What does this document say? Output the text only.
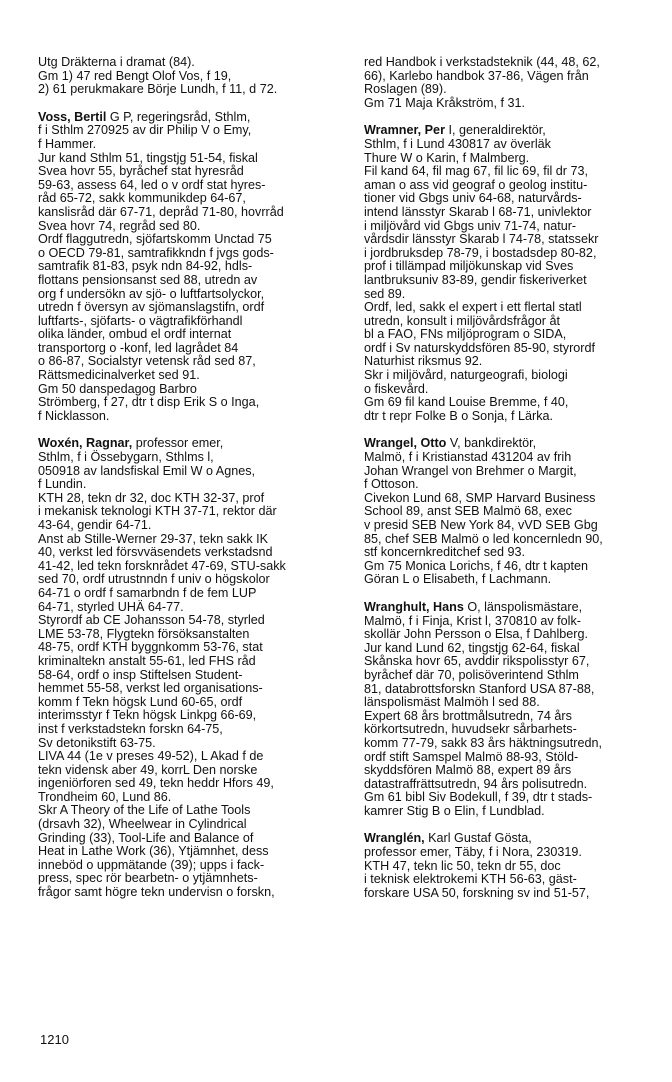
Utg Dräkterna i dramat (84).
Gm 1) 47 red Bengt Olof Vos, f 19,
2) 61 perukmakare Börje Lundh, f 11, d 72.
Voss, Bertil G P, regeringsråd, Sthlm,
f i Sthlm 270925 av dir Philip V o Emy,
f Hammer.
Jur kand Sthlm 51, tingstjg 51-54, fiskal
Svea hovr 55, byråchef stat hyresråd
59-63, assess 64, led o v ordf stat hyres-
råd 65-72, sakk kommunikdep 64-67,
kanslisråd där 67-71, depråd 71-80, hovrråd
Svea hovr 74, regråd sed 80.
Ordf flaggutredn, sjöfartskomm Unctad 75
o OECD 79-81, samtrafikkndn f jvgs gods-
samtrafik 81-83, psyk ndn 84-92, hdls-
flottans pensionsanst sed 88, utredn av
org f undersökn av sjö- o luftfartsolyckor,
utredn f översyn av sjömanslagstifn, ordf
luftfarts-, sjöfarts- o vägtrafikförhandl
olika länder, ombud el ordf internat
transportorg o -konf, led lagrådet 84
o 86-87, Socialstyr vetensk råd sed 87,
Rättsmedicinalverket sed 91.
Gm 50 danspedagog Barbro
Strömberg, f 27, dtr t disp Erik S o Inga,
f Nicklasson.
Woxén, Ragnar, professor emer,
Sthlm, f i Össebygarn, Sthlms l,
050918 av landsfiskal Emil W o Agnes,
f Lundin.
KTH 28, tekn dr 32, doc KTH 32-37, prof
i mekanisk teknologi KTH 37-71, rektor där
43-64, gendir 64-71.
Anst ab Stille-Werner 29-37, tekn sakk IK
40, verkst led försvväsendets verkstadsnd
41-42, led tekn forsknrådet 47-69, STU-sakk
sed 70, ordf utrustnndn f univ o högskolor
64-71 o ordf f samarbndn f de fem LUP
64-71, styrled UHÄ 64-77.
Styrordf ab CE Johansson 54-78, styrled
LME 53-78, Flygtekn försöksanstalten
48-75, ordf KTH byggnkomm 53-76, stat
kriminaltekn anstalt 55-61, led FHS råd
58-64, ordf o insp Stiftelsen Student-
hemmet 55-58, verkst led organisations-
komm f Tekn högsk Lund 60-65, ordf
interimsstyr f Tekn högsk Linkpg 66-69,
inst f verkstadstekn forskn 64-75,
Sv detonikstift 63-75.
LIVA 44 (1e v preses 49-52), L Akad f de
tekn vidensk aber 49, korrL Den norske
ingeniörforen sed 49, tekn heddr Hfors 49,
Trondheim 60, Lund 86.
Skr A Theory of the Life of Lathe Tools
(drsavh 32), Wheelwear in Cylindrical
Grinding (33), Tool-Life and Balance of
Heat in Lathe Work (36), Ytjämnhet, dess
inneböd o uppmätande (39); upps i fack-
press, spec rör bearbetn- o ytjämnhets-
frågor samt högre tekn undervisn o forskn,
red Handbok i verkstadsteknik (44, 48, 62,
66), Karlebo handbok 37-86, Vägen från
Roslagen (89).
Gm 71 Maja Kråkström, f 31.
Wramner, Per I, generaldirektör,
Sthlm, f i Lund 430817 av överläk
Thure W o Karin, f Malmberg.
Fil kand 64, fil mag 67, fil lic 69, fil dr 73,
aman o ass vid geograf o geolog institu-
tioner vid Gbgs univ 64-68, naturvårds-
intend länsstyr Skarab l 68-71, univlektor
i miljövård vid Gbgs univ 71-74, natur-
vårdsdir länsstyr Skarab l 74-78, statssekr
i jordbruksdep 78-79, i bostadsdep 80-82,
prof i tillämpad miljökunskap vid Sves
lantbruksuniv 83-89, gendir fiskeriverket
sed 89.
Ordf, led, sakk el expert i ett flertal statl
utredn, konsult i miljövårdsfrågor åt
bl a FAO, FNs miljöprogram o SIDA,
ordf i Sv naturskyddsfören 85-90, styrordf
Naturhist riksmus 92.
Skr i miljövård, naturgeografi, biologi
o fiskevård.
Gm 69 fil kand Louise Bremme, f 40,
dtr t repr Folke B o Sonja, f Lärka.
Wrangel, Otto V, bankdirektör,
Malmö, f i Kristianstad 431204 av frih
Johan Wrangel von Brehmer o Margit,
f Ottoson.
Civekon Lund 68, SMP Harvard Business
School 89, anst SEB Malmö 68, exec
v presid SEB New York 84, vVD SEB Gbg
85, chef SEB Malmö o led koncernledn 90,
stf koncernkreditchef sed 93.
Gm 75 Monica Lorichs, f 46, dtr t kapten
Göran L o Elisabeth, f Lachmann.
Wranghult, Hans O, länspolismästare,
Malmö, f i Finja, Krist l, 370810 av folk-
skollär John Persson o Elsa, f Dahlberg.
Jur kand Lund 62, tingstjg 62-64, fiskal
Skånska hovr 65, avddir rikspolisstyr 67,
byråchef där 70, polisöverintend Sthlm
81, databrottsforskn Stanford USA 87-88,
länspolismäst Malmöh l sed 88.
Expert 68 års brottmålsutredn, 74 års
körkortsutredn, huvudsekr sårbarhets-
komm 77-79, sakk 83 års häktningsutredn,
ordf stift Samspel Malmö 88-93, Stöld-
skyddsfören Malmö 88, expert 89 års
datastraffrättsutredn, 94 års polisutredn.
Gm 61 bibl Siv Bodekull, f 39, dtr t stads-
kamrer Stig B o Elin, f Lundblad.
Wranglén, Karl Gustaf Gösta,
professor emer, Täby, f i Nora, 230319.
KTH 47, tekn lic 50, tekn dr 55, doc
i teknisk elektrokemi KTH 56-63, gäst-
forskare USA 50, forskning sv ind 51-57,
1210
